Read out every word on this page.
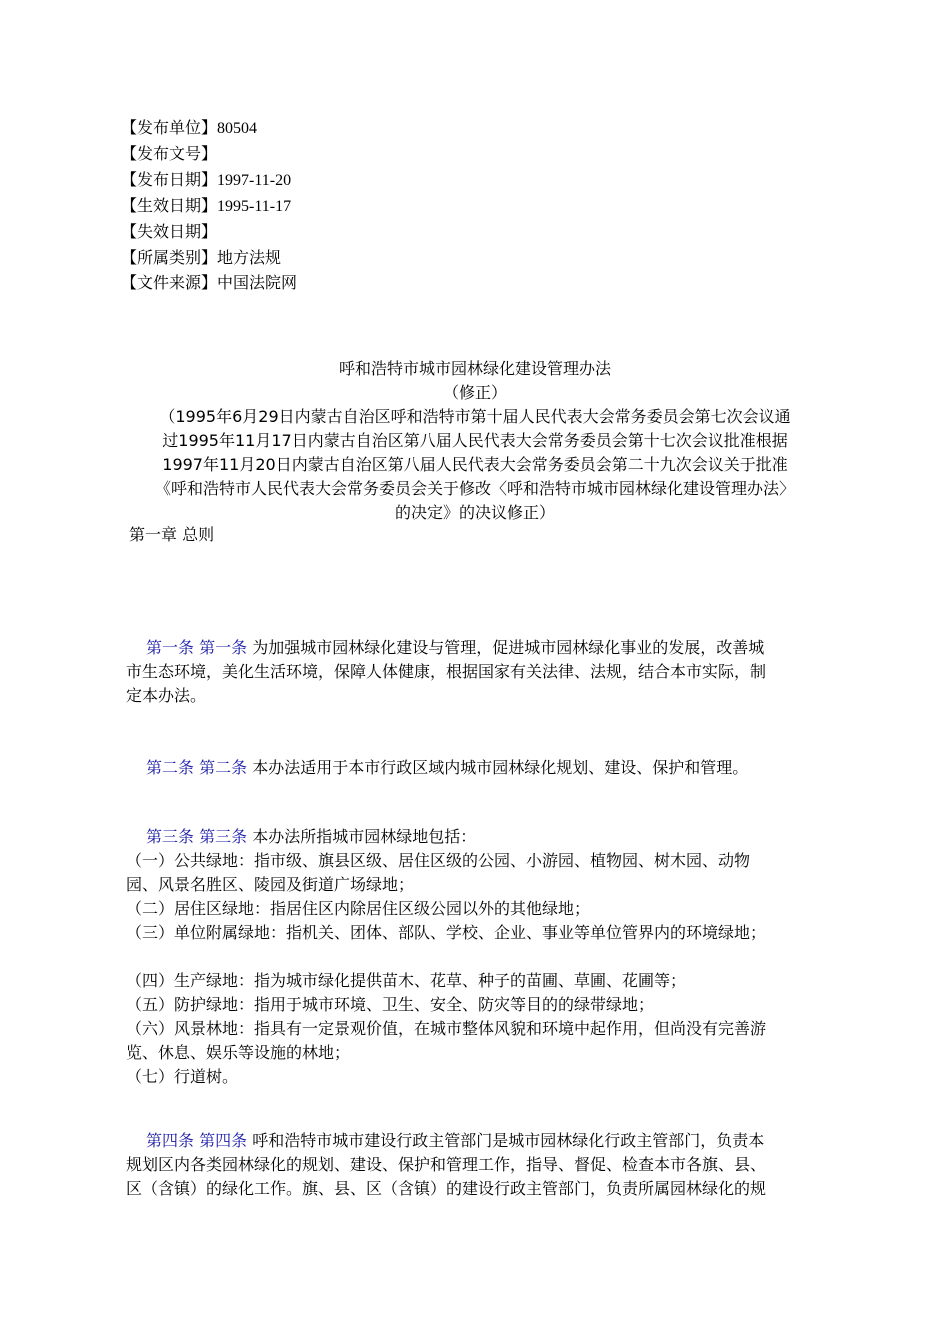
【发布单位】80504
【发布文号】
【发布日期】1997-11-20
【生效日期】1995-11-17
【失效日期】
【所属类别】地方法规
【文件来源】中国法院网
呼和浩特市城市园林绿化建设管理办法
（修正）
（1995年6月29日内蒙古自治区呼和浩特市第十届人民代表大会常务委员会第七次会议通
过1995年11月17日内蒙古自治区第八届人民代表大会常务委员会第十七次会议批准根据
1997年11月20日内蒙古自治区第八届人民代表大会常务委员会第二十九次会议关于批准
《呼和浩特市人民代表大会常务委员会关于修改〈呼和浩特市城市园林绿化建设管理办法〉
的决定》的决议修正）
第一章 总则
第一条 第一条 为加强城市园林绿化建设与管理，促进城市园林绿化事业的发展，改善城
市生态环境，美化生活环境，保障人体健康，根据国家有关法律、法规，结合本市实际，制
定本办法。
第二条 第二条 本办法适用于本市行政区域内城市园林绿化规划、建设、保护和管理。
第三条 第三条 本办法所指城市园林绿地包括：
（一）公共绿地：指市级、旗县区级、居住区级的公园、小游园、植物园、树木园、动物
园、风景名胜区、陵园及街道广场绿地；
（二）居住区绿地：指居住区内除居住区级公园以外的其他绿地；
（三）单位附属绿地：指机关、团体、部队、学校、企业、事业等单位管界内的环境绿地；
（四）生产绿地：指为城市绿化提供苗木、花草、种子的苗圃、草圃、花圃等；
（五）防护绿地：指用于城市环境、卫生、安全、防灾等目的的绿带绿地；
（六）风景林地：指具有一定景观价值，在城市整体风貌和环境中起作用，但尚没有完善游
览、休息、娱乐等设施的林地；
（七）行道树。
第四条 第四条 呼和浩特市城市建设行政主管部门是城市园林绿化行政主管部门，负责本
规划区内各类园林绿化的规划、建设、保护和管理工作，指导、督促、检查本市各旗、县、
区（含镇）的绿化工作。旗、县、区（含镇）的建设行政主管部门，负责所属园林绿化的规
